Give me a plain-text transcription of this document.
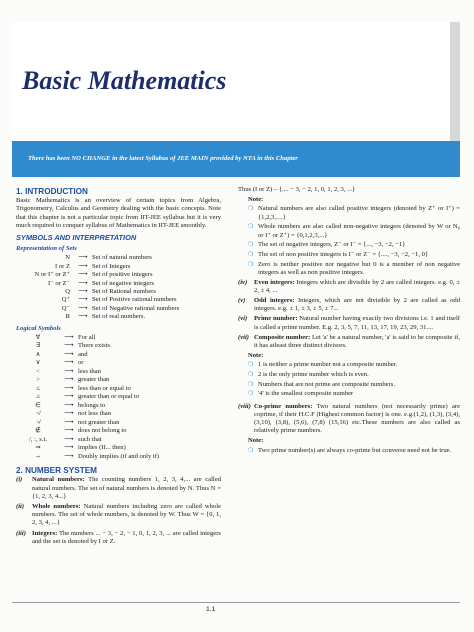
Basic Mathematics
There has been NO CHANGE in the latest Syllabus of JEE MAIN provided by NTA in this Chapter
1. INTRODUCTION

Basic Mathematics is an overview of certain topics from Algebra, Trigonometry, Calculus and Geometry dealing with the basic concepts. Note that this chapter is not a particular topic from IIT-JEE syllabus but it is very much required to conquer syllabus of Mathematics in IIT-JEE smoothly.

SYMBOLS AND INTERPRETATION
Representation of Sets
N	⟶ Set of natural numbers
I or Z	⟶ Set of Integers
N or I⁺ or Z⁺	⟶ Set of positive integers
I⁻ or Z⁻	⟶ Set of negative integers
Q	⟶ Set of Rational numbers
Q⁺	⟶ Set of Positive rational numbers
Q⁻	⟶ Set of Negative rational numbers
R	⟶ Set of real numbers.
Logical Symbols
∀	⟶ For all
∃	⟶ There exists
∧	⟶ and
∨	⟶ or
<	⟶ less than
>	⟶ greater than
≤	⟶ less than or equal to
≥	⟶ greater than or equal to
∈	⟶ belongs to
≮	⟶ not less than
≯	⟶ not greater than
∉	⟶ does not belong to
/, :, s.t.	⟶ such that
⇒	⟶ implies (If... then)
⇔	⟶ Doubly implies (if and only if)
2. NUMBER SYSTEM
(i)	Natural numbers: The counting numbers 1, 2, 3, 4,... are called natural numbers. The set of natural numbers is denoted by N. Thus N = {1, 2, 3, 4...}
(ii)	Whole numbers: Natural numbers including zero are called whole numbers. The set of whole numbers, is denoted by W. Thus W = {0, 1, 2, 3, 4, ...}
(iii) Integers: The numbers ... − 3, − 2, − 1, 0, 1, 2, 3, ... are called integers and the set is denoted by I or Z.
Thus (I or Z) – {.... − 3, − 2, 1, 0, 1, 2, 3, ...}
Note:
❍ Natural numbers are also called positive integers (denoted by Z⁺ or I⁺) = {1,2,3,....}
❍ Whole numbers are also called non-negative integers (denoted by W or N₀ or I⁺ or Z⁺) = {0,1,2,3,...}
❍ The set of negative integers, Z⁻ or I⁻ = {..., −3, −2, −1}
❍ The set of non positive integers is I⁻ or Z⁻ = {...., −3, −2, −1, 0}
❍ Zero is neither positive nor negative but 0 is a member of non negative integers as well as non positive integers.
(iv)	Even integers: Integers which are divisible by 2 are called integers. e.g. 0, ± 2, ± 4, ...
(v)	Odd integers: Integers, which are not divisible by 2 are called as odd integers. e.g. ± 1, ± 3, ± 5, ± 7...
(vi)	Prime number: Natural number having exactly two divisions i.e. 1 and itself is called a prime number. E.g. 2, 3, 5, 7, 11, 13, 17, 19, 23, 29, 31....
(vii) Composite number: Let 'a' be a natural number, 'a' is said to be composite if, it has atleast three distinct divisors.
Note:
❍ 1 is neither a prime number not a composite number.
❍ 2 is the only prime number which is even.
❍ Numbers that are not prime are composite numbers.
❍ '4' is the smallest composite number
(viii) Co-prime numbers: Two natural numbers (not necessarily prime) are coprime, if their H.C.F (Highest common factor) is one. e.g.(1,2), (1,3), (3,4), (3,10), (3,8), (5,6), (7,8) (15,16) etc.These numbers are also called as relatively prime numbers.
Note:
❍ Two prime number(s) are always co-prime but converse need not be true.
1.1
